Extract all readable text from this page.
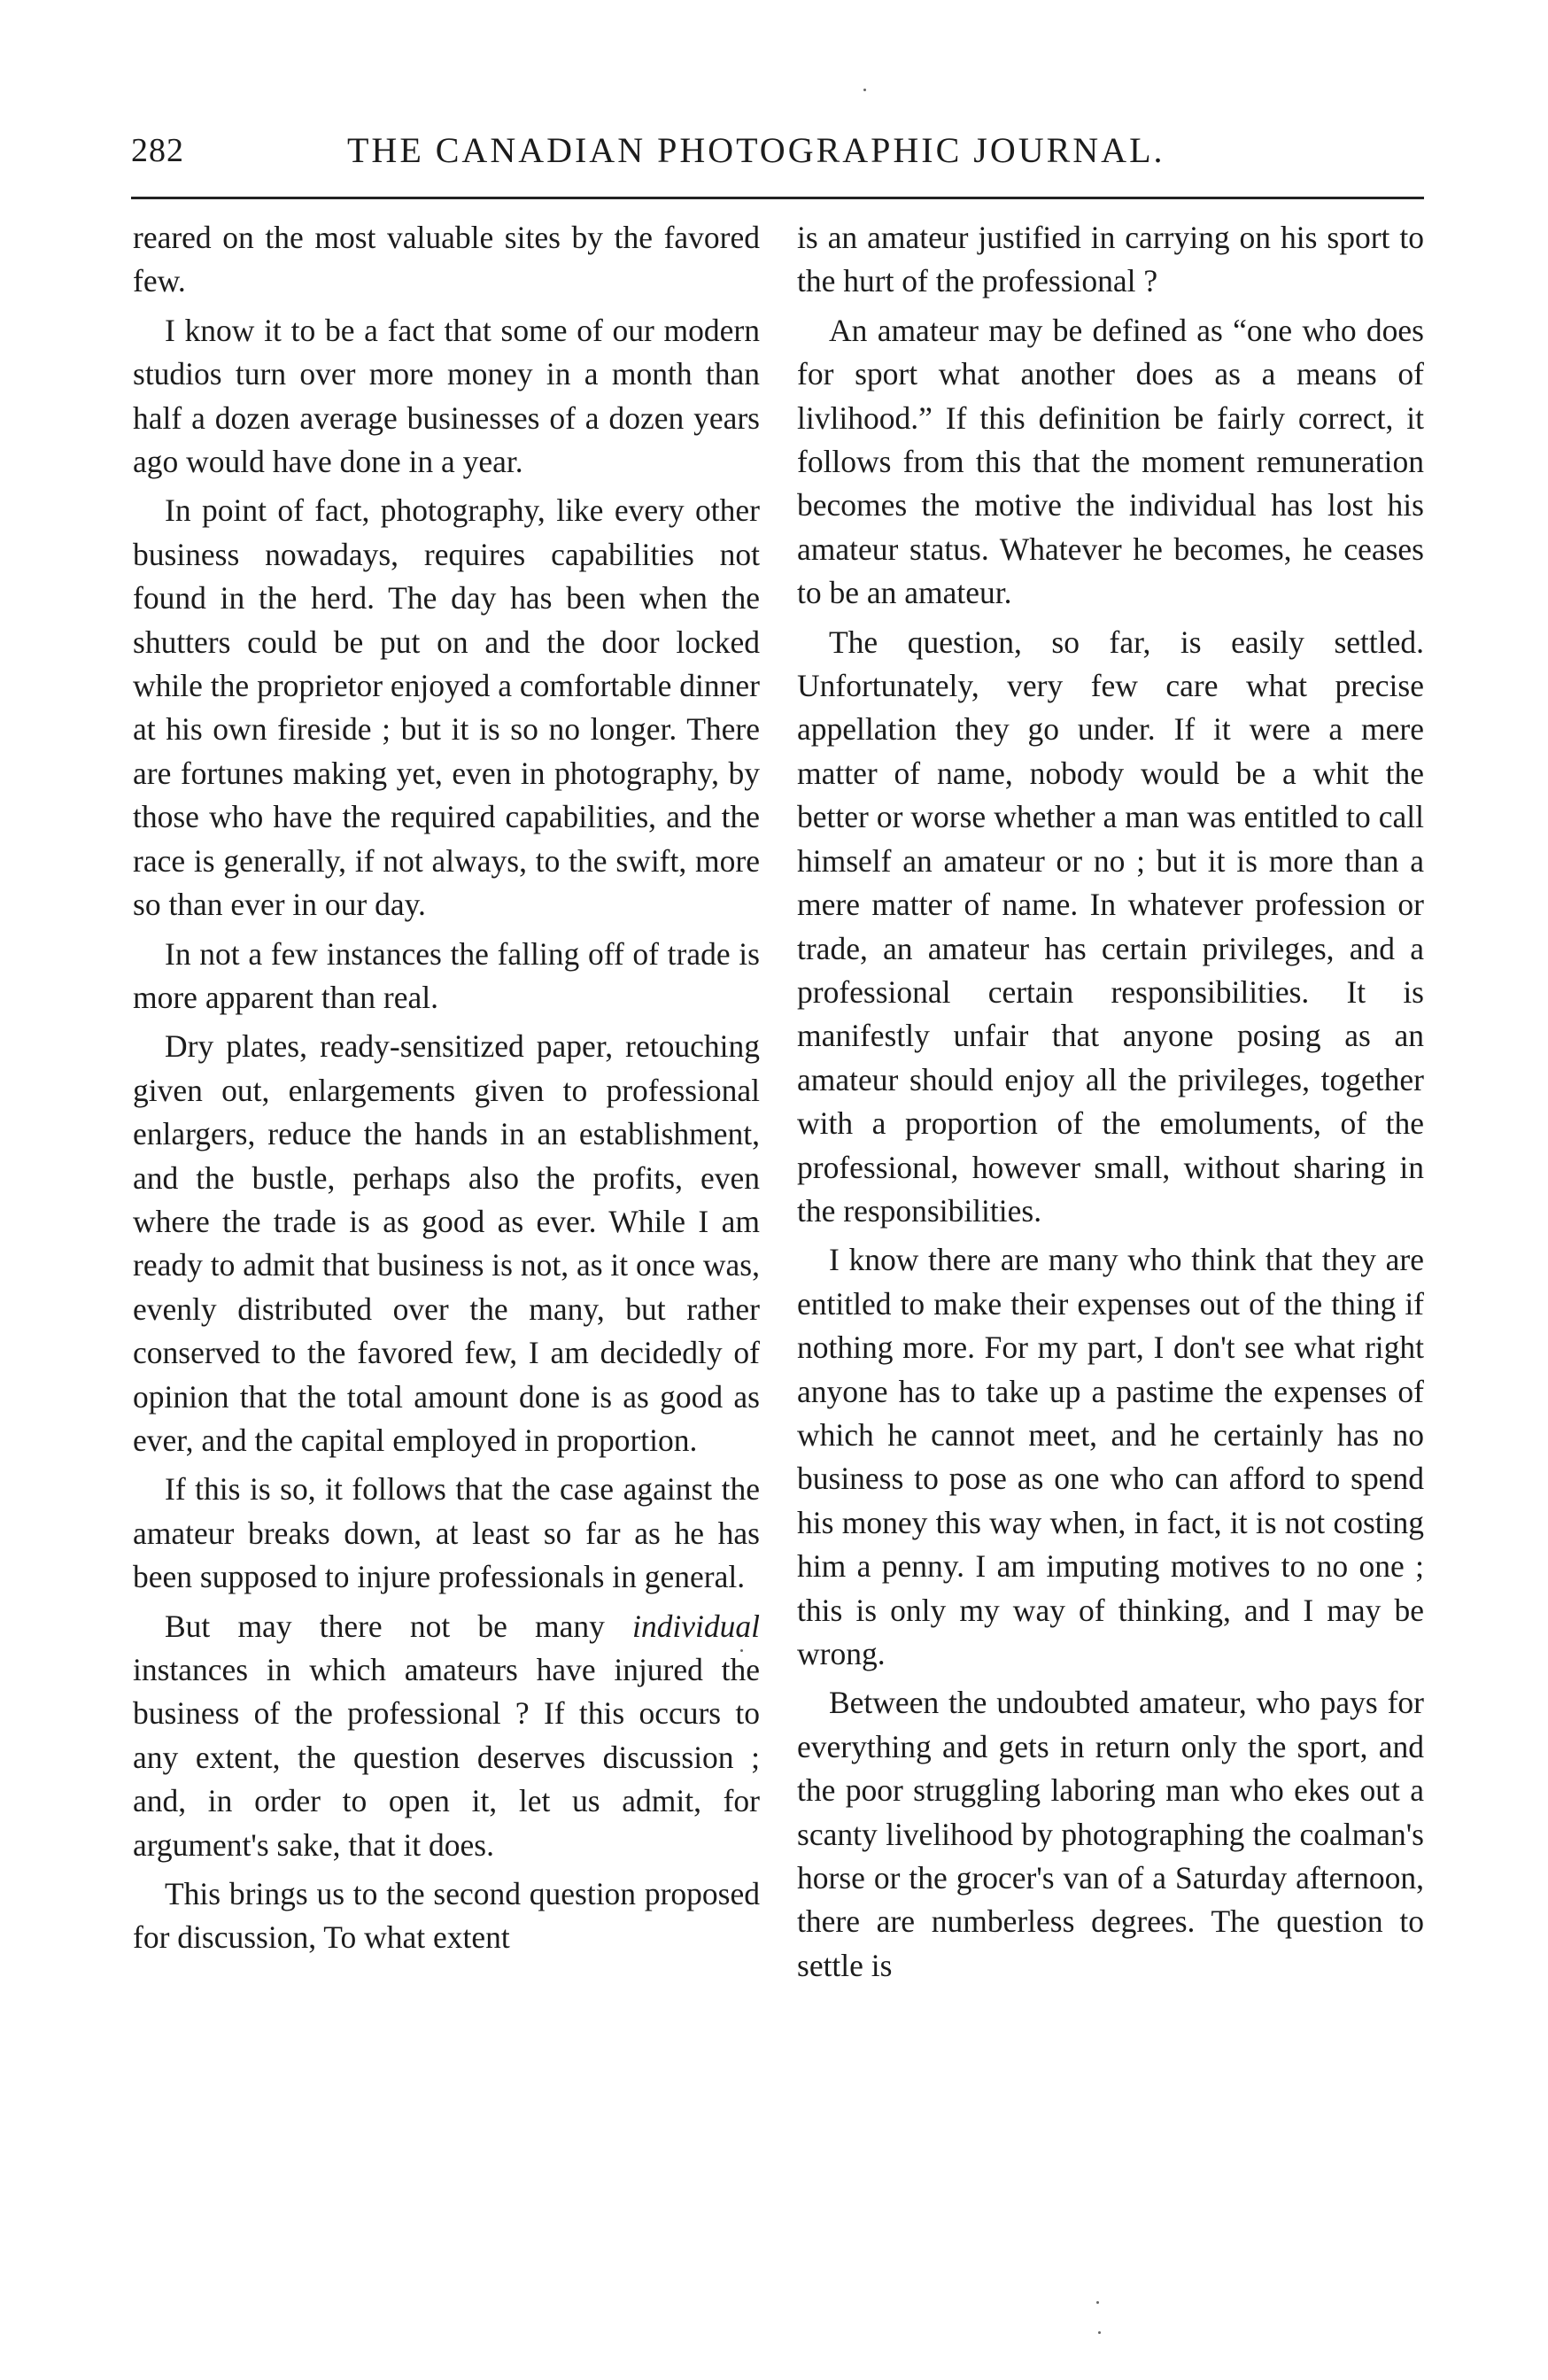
282	THE CANADIAN PHOTOGRAPHIC JOURNAL.

reared on the most valuable sites by the favored few.

I know it to be a fact that some of our modern studios turn over more money in a month than half a dozen average businesses of a dozen years ago would have done in a year.

In point of fact, photography, like every other business nowadays, requires capabilities not found in the herd. The day has been when the shutters could be put on and the door locked while the proprietor enjoyed a comfortable dinner at his own fireside ; but it is so no longer. There are fortunes making yet, even in photography, by those who have the required capabilities, and the race is generally, if not always, to the swift, more so than ever in our day.

In not a few instances the falling off of trade is more apparent than real.

Dry plates, ready-sensitized paper, retouching given out, enlargements given to professional enlargers, reduce the hands in an establishment, and the bustle, perhaps also the profits, even where the trade is as good as ever. While I am ready to admit that business is not, as it once was, evenly distributed over the many, but rather conserved to the favored few, I am decidedly of opinion that the total amount done is as good as ever, and the capital employed in proportion.

If this is so, it follows that the case against the amateur breaks down, at least so far as he has been supposed to injure professionals in general.

But may there not be many individual instances in which amateurs have injured the business of the professional ? If this occurs to any extent, the question deserves discussion ; and, in order to open it, let us admit, for argument's sake, that it does.

This brings us to the second question proposed for discussion, To what extent

is an amateur justified in carrying on his sport to the hurt of the professional ?

An amateur may be defined as “one who does for sport what another does as a means of livlihood.” If this definition be fairly correct, it follows from this that the moment remuneration becomes the motive the individual has lost his amateur status. Whatever he becomes, he ceases to be an amateur.

The question, so far, is easily settled. Unfortunately, very few care what precise appellation they go under. If it were a mere matter of name, nobody would be a whit the better or worse whether a man was entitled to call himself an amateur or no ; but it is more than a mere matter of name. In whatever profession or trade, an amateur has certain privileges, and a professional certain responsibilities. It is manifestly unfair that anyone posing as an amateur should enjoy all the privileges, together with a proportion of the emoluments, of the professional, however small, without sharing in the responsibilities.

I know there are many who think that they are entitled to make their expenses out of the thing if nothing more. For my part, I don't see what right anyone has to take up a pastime the expenses of which he cannot meet, and he certainly has no business to pose as one who can afford to spend his money this way when, in fact, it is not costing him a penny. I am imputing motives to no one ; this is only my way of thinking, and I may be wrong.

Between the undoubted amateur, who pays for everything and gets in return only the sport, and the poor struggling laboring man who ekes out a scanty livelihood by photographing the coalman's horse or the grocer's van of a Saturday afternoon, there are numberless degrees. The question to settle is
